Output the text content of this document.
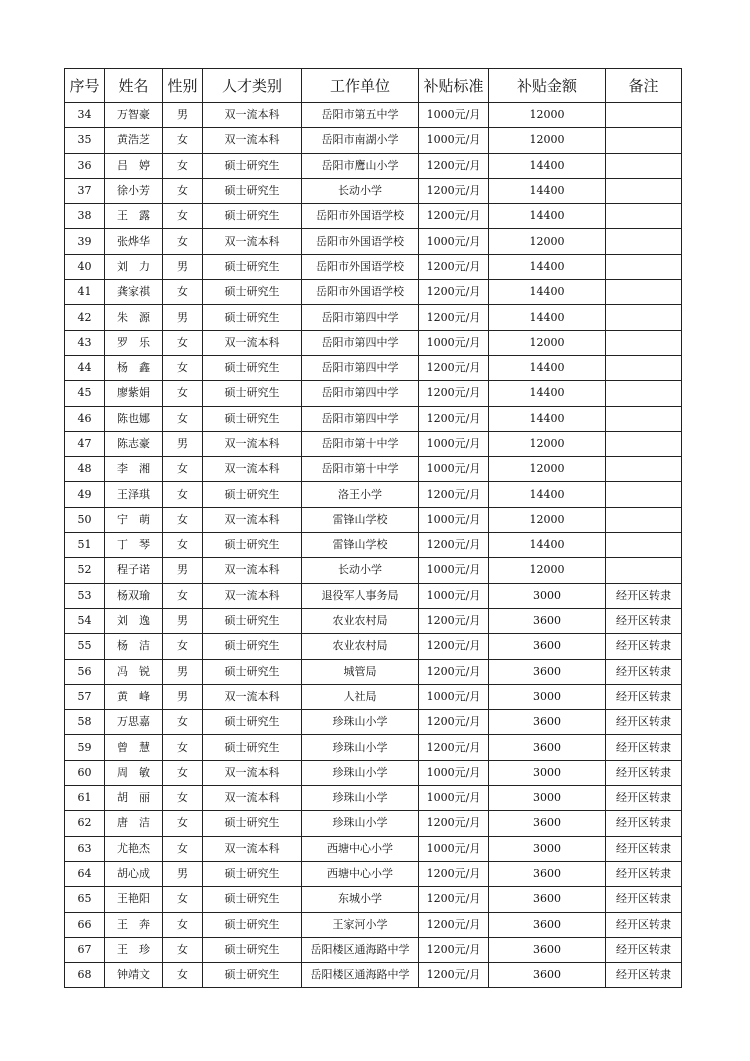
序号	姓名	性别	人才类别	工作单位	补贴标准	补贴金额	备注
34	万智豪	男	双一流本科	岳阳市第五中学	1000元/月	12000	
35	黄浩芝	女	双一流本科	岳阳市南湖小学	1000元/月	12000	
36	吕　婷	女	硕士研究生	岳阳市鹰山小学	1200元/月	14400	
37	徐小芳	女	硕士研究生	长动小学	1200元/月	14400	
38	王　露	女	硕士研究生	岳阳市外国语学校	1200元/月	14400	
39	张烨华	女	双一流本科	岳阳市外国语学校	1000元/月	12000	
40	刘　力	男	硕士研究生	岳阳市外国语学校	1200元/月	14400	
41	龚家祺	女	硕士研究生	岳阳市外国语学校	1200元/月	14400	
42	朱　源	男	硕士研究生	岳阳市第四中学	1200元/月	14400	
43	罗　乐	女	双一流本科	岳阳市第四中学	1000元/月	12000	
44	杨　鑫	女	硕士研究生	岳阳市第四中学	1200元/月	14400	
45	廖紫娟	女	硕士研究生	岳阳市第四中学	1200元/月	14400	
46	陈也娜	女	硕士研究生	岳阳市第四中学	1200元/月	14400	
47	陈志豪	男	双一流本科	岳阳市第十中学	1000元/月	12000	
48	李　湘	女	双一流本科	岳阳市第十中学	1000元/月	12000	
49	王泽琪	女	硕士研究生	洛王小学	1200元/月	14400	
50	宁　萌	女	双一流本科	雷锋山学校	1000元/月	12000	
51	丁　琴	女	硕士研究生	雷锋山学校	1200元/月	14400	
52	程子诺	男	双一流本科	长动小学	1000元/月	12000	
53	杨双瑜	女	双一流本科	退役军人事务局	1000元/月	3000	经开区转隶
54	刘　逸	男	硕士研究生	农业农村局	1200元/月	3600	经开区转隶
55	杨　洁	女	硕士研究生	农业农村局	1200元/月	3600	经开区转隶
56	冯　锐	男	硕士研究生	城管局	1200元/月	3600	经开区转隶
57	黄　峰	男	双一流本科	人社局	1000元/月	3000	经开区转隶
58	万思嘉	女	硕士研究生	珍珠山小学	1200元/月	3600	经开区转隶
59	曾　慧	女	硕士研究生	珍珠山小学	1200元/月	3600	经开区转隶
60	周　敏	女	双一流本科	珍珠山小学	1000元/月	3000	经开区转隶
61	胡　丽	女	双一流本科	珍珠山小学	1000元/月	3000	经开区转隶
62	唐　洁	女	硕士研究生	珍珠山小学	1200元/月	3600	经开区转隶
63	尤艳杰	女	双一流本科	西塘中心小学	1000元/月	3000	经开区转隶
64	胡心成	男	硕士研究生	西塘中心小学	1200元/月	3600	经开区转隶
65	王艳阳	女	硕士研究生	东城小学	1200元/月	3600	经开区转隶
66	王　奔	女	硕士研究生	王家河小学	1200元/月	3600	经开区转隶
67	王　珍	女	硕士研究生	岳阳楼区通海路中学	1200元/月	3600	经开区转隶
68	钟靖文	女	硕士研究生	岳阳楼区通海路中学	1200元/月	3600	经开区转隶
